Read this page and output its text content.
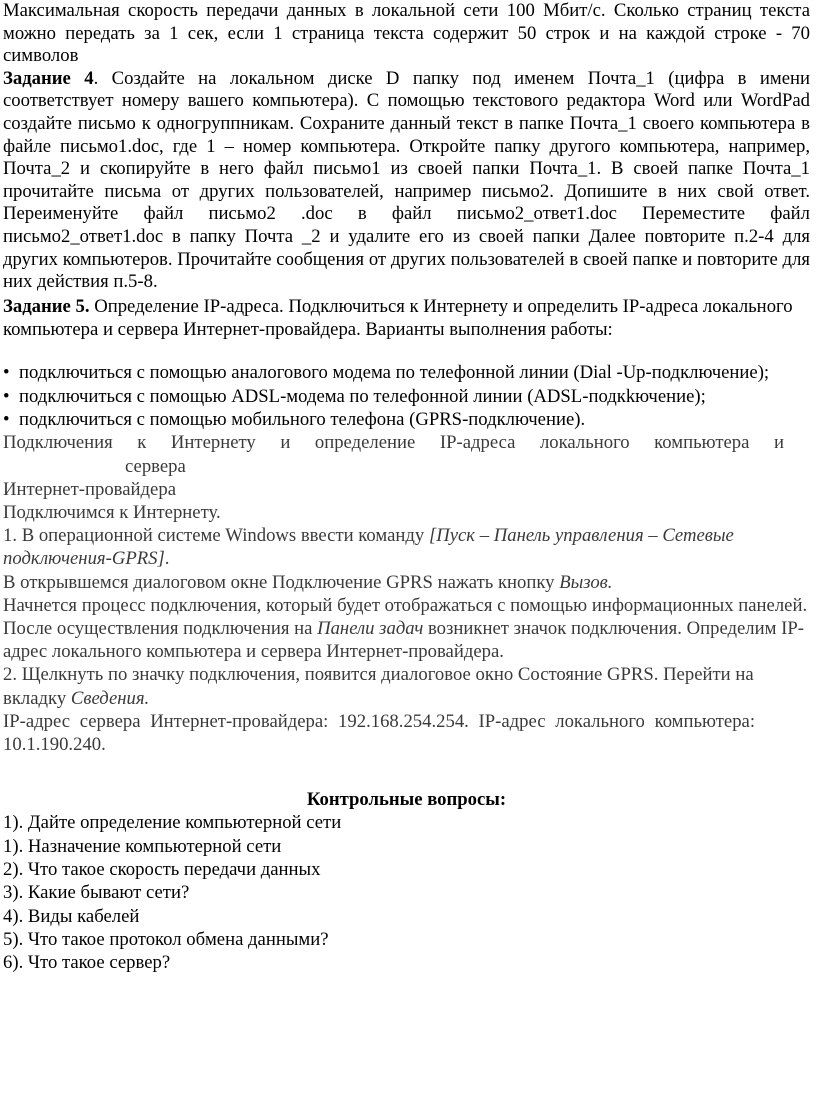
Максимальная скорость передачи данных в локальной сети 100 Мбит/с. Сколько страниц текста можно передать за 1 сек, если 1 страница текста содержит 50 строк и на каждой строке - 70 символов

Задание 4. Создайте на локальном диске D папку под именем Почта_1 (цифра в имени соответствует номеру вашего компьютера). С помощью текстового редактора Word или WordPad создайте письмо к одногруппникам. Сохраните данный текст в папке Почта_1 своего компьютера в файле письмо1.doc, где 1 – номер компьютера. Откройте папку другого компьютера, например, Почта_2 и скопируйте в него файл письмо1 из своей папки Почта_1. В своей папке Почта_1 прочитайте письма от других пользователей, например письмо2. Допишите в них свой ответ. Переименуйте файл письмо2 .doc в файл письмо2_ответ1.doc Переместите файл письмо2_ответ1.doc в папку Почта _2 и удалите его из своей папки Далее повторите п.2-4 для других компьютеров. Прочитайте сообщения от других пользователей в своей папке и повторите для них действия п.5-8.

Задание 5. Определение IP-адреса. Подключиться к Интернету и определить IP-адреса локального компьютера и сервера Интернет-провайдера. Варианты выполнения работы:

• подключиться с помощью аналогового модема по телефонной линии (Dial -Up-подключение);
• подключиться с помощью ADSL-модема по телефонной линии (ADSL-подкkючение);
• подключиться с помощью мобильного телефона (GPRS-подключение).

Подключения к Интернету и определение IP-адреса локального компьютера и

сервера

Интернет-провайдера

Подключимся к Интернету.

1. В операционной системе Windows ввести команду [Пуск – Панель управления – Сетевые подключения-GPRS].

В открывшемся диалоговом окне Подключение GPRS нажать кнопку Вызов.

Начнется процесс подключения, который будет отображаться с помощью информационных панелей. После осуществления подключения на Панели задач возникнет значок подключения. Определим IP-адрес локального компьютера и сервера Интернет-провайдера.

2. Щелкнуть по значку подключения, появится диалоговое окно Состояние GPRS. Перейти на вкладку Сведения.

IP-адрес сервера Интернет-провайдера: 192.168.254.254. IP-адрес локального компьютера:

10.1.190.240.

Контрольные вопросы:

1). Дайте определение компьютерной сети

1). Назначение компьютерной сети

2). Что такое скорость передачи данных

3). Какие бывают сети?

4). Виды кабелей

5). Что такое протокол обмена данными?

6). Что такое сервер?
